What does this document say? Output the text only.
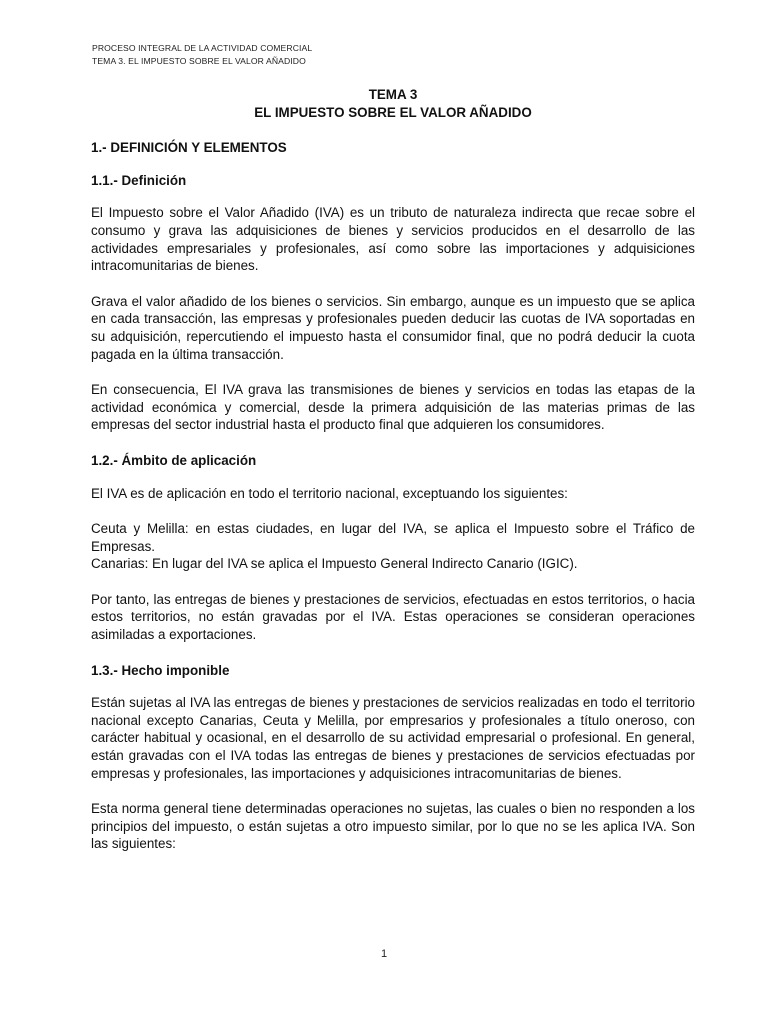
PROCESO INTEGRAL DE LA ACTIVIDAD COMERCIAL
TEMA 3. EL IMPUESTO SOBRE EL VALOR AÑADIDO
TEMA 3
EL IMPUESTO SOBRE EL VALOR AÑADIDO
1.- DEFINICIÓN Y ELEMENTOS
1.1.- Definición

El Impuesto sobre el Valor Añadido (IVA) es un tributo de naturaleza indirecta que recae sobre el consumo y grava las adquisiciones de bienes y servicios producidos en el desarrollo de las actividades empresariales y profesionales, así como sobre las importaciones y adquisiciones intracomunitarias de bienes.

Grava el valor añadido de los bienes o servicios. Sin embargo, aunque es un impuesto que se aplica en cada transacción, las empresas y profesionales pueden deducir las cuotas de IVA soportadas en su adquisición, repercutiendo el impuesto hasta el consumidor final, que no podrá deducir la cuota pagada en la última transacción.

En consecuencia, El IVA grava las transmisiones de bienes y servicios en todas las etapas de la actividad económica y comercial, desde la primera adquisición de las materias primas de las empresas del sector industrial hasta el producto final que adquieren los consumidores.

1.2.- Ámbito de aplicación

El IVA es de aplicación en todo el territorio nacional, exceptuando los siguientes:

Ceuta y Melilla: en estas ciudades, en lugar del IVA, se aplica el Impuesto sobre el Tráfico de Empresas.

Canarias: En lugar del IVA se aplica el Impuesto General Indirecto Canario (IGIC).

Por tanto, las entregas de bienes y prestaciones de servicios, efectuadas en estos territorios, o hacia estos territorios, no están gravadas por el IVA. Estas operaciones se consideran operaciones asimiladas a exportaciones.

1.3.- Hecho imponible

Están sujetas al IVA las entregas de bienes y prestaciones de servicios realizadas en todo el territorio nacional excepto Canarias, Ceuta y Melilla, por empresarios y profesionales a título oneroso, con carácter habitual y ocasional, en el desarrollo de su actividad empresarial o profesional. En general, están gravadas con el IVA todas las entregas de bienes y prestaciones de servicios efectuadas por empresas y profesionales, las importaciones y adquisiciones intracomunitarias de bienes.

Esta norma general tiene determinadas operaciones no sujetas, las cuales o bien no responden a los principios del impuesto, o están sujetas a otro impuesto similar, por lo que no se les aplica IVA. Son las siguientes:

1
